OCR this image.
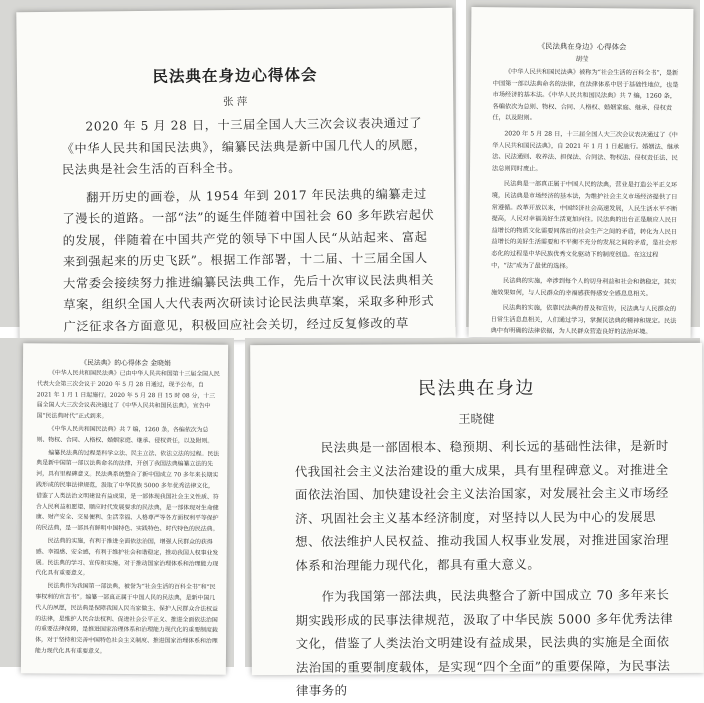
民法典在身边心得体会
张 萍

2020 年 5 月 28 日，十三届全国人大三次会议表决通过了《中华人民共和国民法典》，编纂民法典是新中国几代人的夙愿，民法典是社会生活的百科全书。

翻开历史的画卷，从 1954 年到 2017 年民法典的编纂走过了漫长的道路。一部“法”的诞生伴随着中国社会 60 多年跌宕起伏的发展，伴随着在中国共产党的领导下中国人民“从站起来、富起来到强起来的历史飞跃”。根据工作部署，十二届、十三届全国人大常委会接续努力推进编纂民法典工作，先后十次审议民法典相关草案，组织全国人大代表两次研读讨论民法典草案，采取多种形式广泛征求各方面意见，积极回应社会关切，经过反复修改的草

《民法典在身边》心得体会
胡莹

《中华人民共和国民法典》被称为“社会生活的百科全书”，是新中国第一部以法典命名的法律，在法律体系中居于基础性地位，也是市场经济的基本法。《中华人民共和国民法典》共 7 编，1260 条，各编依次为总则、物权、合同、人格权、婚姻家庭、继承、侵权责任，以及附则。

2020 年 5 月 28 日，十三届全国人大三次会议表决通过了《中华人民共和国民法典》，自 2021 年 1 月 1 日起施行。婚姻法、继承法、民法通则、收养法、担保法、合同法、物权法、侵权责任法、民法总则同时废止。

民法典是一部真正属于中国人民的法典，营业是打造公平正义环境，民法典是市场经济的基本法，为维护社会主义市场经济提供了日常遵循。改革开放以来，中国经济社会高速发展，人民生活水平不断提高，人民对幸福美好生活更加向往。民法典的出台正是顺应人民日益增长的物质文化需要同落后的社会生产之间的矛盾，转化为人民日益增长的美好生活需要和不平衡不充分的发展之间的矛盾，是社会形态化的过程是中华民族优秀文化驱动下的制度创造。在这过程中，“法”成为了最优的选择。

民法典的实施，牵涉到每个人的切身利益和社会和谐稳定，其实施效果如何，与人民群众的幸福感获得感安全感息息相关。

民法典的实施，依靠民法典的普及和宣传，民法典与人民群众的日常生活息息相关，人们通过学习，掌握民法典的精神和规定。民法典中有明确的法律依据，为人民群众营造良好的法治环境。

《民法典》的心得体会 金晓娟

《中华人民共和国民法典》已由中华人民共和国第十三届全国人民代表大会第三次会议于 2020 年 5 月 28 日通过，现予公布，自 2021 年 1 月 1 日起施行。2020 年 5 月 28 日 15 时 08 分，十三届全国人大三次会议表决通过了《中华人民共和国民法典》，宣告中国“民法典时代”正式到来。

《中华人民共和国民法典》共 7 编，1260 条，各编依次为总则、物权、合同、人格权、婚姻家庭、继承、侵权责任，以及附则。

编纂民法典的过程是科学立法、民主立法、依法立法的过程。民法典是新中国第一部以法典命名的法律，开创了我国法典编纂立法的先河，具有里程碑意义。民法典系统整合了新中国成立 70 多年来长期实践形成的民事法律规范，汲取了中华民族 5000 多年优秀法律文化，借鉴了人类法治文明建设有益成果，是一部体现我国社会主义性质、符合人民利益和愿望、顺应时代发展要求的民法典，是一部体现对生命健康、财产安全、交易便利、生活幸福、人格尊严等各方面权利平等保护的民法典，是一部具有鲜明中国特色、实践特色、时代特色的民法典。

民法典的实施，有利于推进全面依法治国，增强人民群众的获得感、幸福感、安全感，有利于维护社会和谐稳定，推动我国人权事业发展。民法典的学习、宣传和实施，对于推动国家治理体系和治理能力现代化具有重要意义。

民法典作为我国第一部法典，被誉为“社会生活的百科全书”和“民事权利的宣言书”。编纂一部真正属于中国人民的民法典，是新中国几代人的夙愿，民法典是保障我国人民当家做主、保护人民群众合法权益的法律，是维护人民合法权利、促进社会公平正义、推进全面依法治国的重要法律保障，是推进国家治理体系和治理能力现代化的重要制度载体，对于坚持和完善中国特色社会主义制度、推进国家治理体系和治理能力现代化具有重要意义。

民法典在身边
王晓健

民法典是一部固根本、稳预期、利长远的基础性法律，是新时代我国社会主义法治建设的重大成果，具有里程碑意义。对推进全面依法治国、加快建设社会主义法治国家，对发展社会主义市场经济、巩固社会主义基本经济制度，对坚持以人民为中心的发展思想、依法维护人民权益、推动我国人权事业发展，对推进国家治理体系和治理能力现代化，都具有重大意义。

作为我国第一部法典，民法典整合了新中国成立 70 多年来长期实践形成的民事法律规范，汲取了中华民族 5000 多年优秀法律文化，借鉴了人类法治文明建设有益成果，民法典的实施是全面依法治国的重要制度载体，是实现“四个全面”的重要保障，为民事法律事务的
